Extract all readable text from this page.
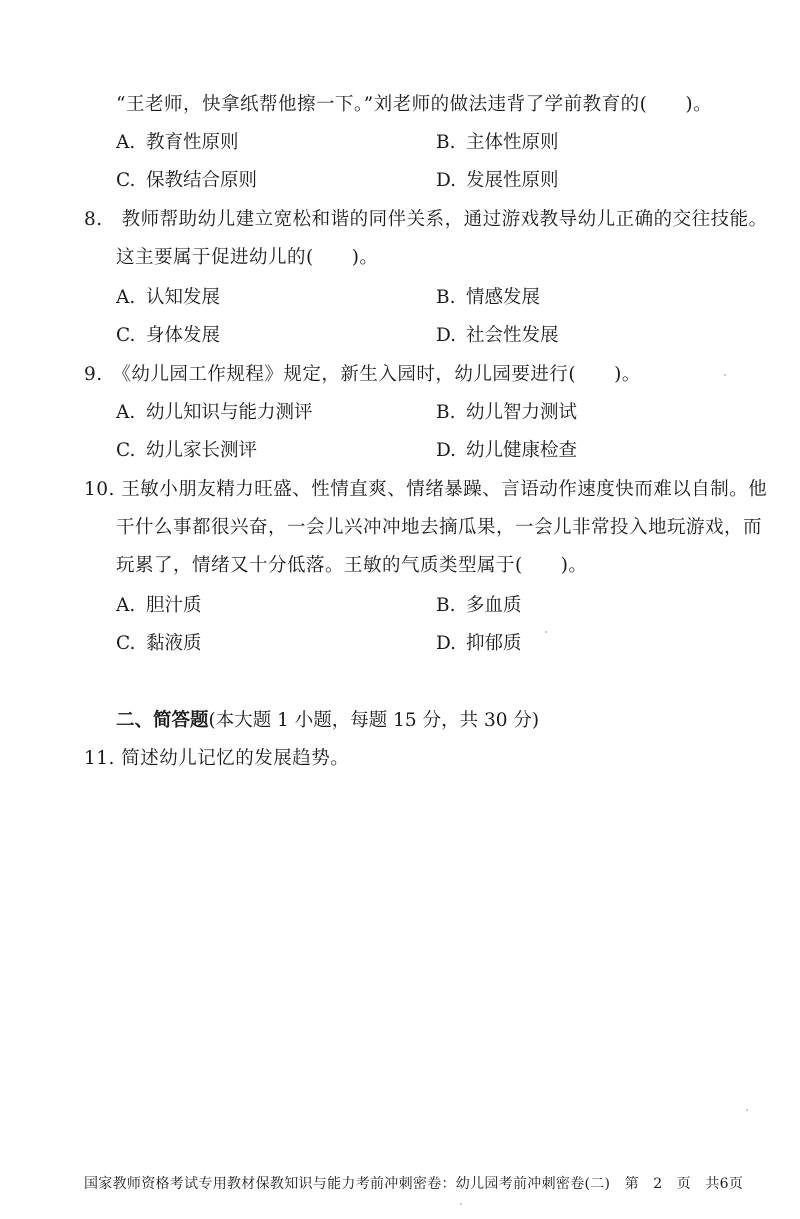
“王老师，快拿纸帮他擦一下。”刘老师的做法违背了学前教育的(　　)。
A. 教育性原则	B. 主体性原则
C. 保教结合原则	D. 发展性原则
8.　教师帮助幼儿建立宽松和谐的同伴关系，通过游戏教导幼儿正确的交往技能。
这主要属于促进幼儿的(　　)。
A. 认知发展	B. 情感发展
C. 身体发展	D. 社会性发展
9.　《幼儿园工作规程》规定，新生入园时，幼儿园要进行(　　)。
A. 幼儿知识与能力测评	B. 幼儿智力测试
C. 幼儿家长测评	D. 幼儿健康检查
10. 王敏小朋友精力旺盛、性情直爽、情绪暴躁、言语动作速度快而难以自制。他
干什么事都很兴奋，一会儿兴冲冲地去摘瓜果，一会儿非常投入地玩游戏，而
玩累了，情绪又十分低落。王敏的气质类型属于(　　)。
A. 胆汁质	B. 多血质
C. 黏液质	D. 抑郁质
二、简答题(本大题 1 小题，每题 15 分，共 30 分)
11. 简述幼儿记忆的发展趋势。
国家教师资格考试专用教材保教知识与能力考前冲刺密卷：幼儿园考前冲刺密卷(二)　第　2　页　共6页
